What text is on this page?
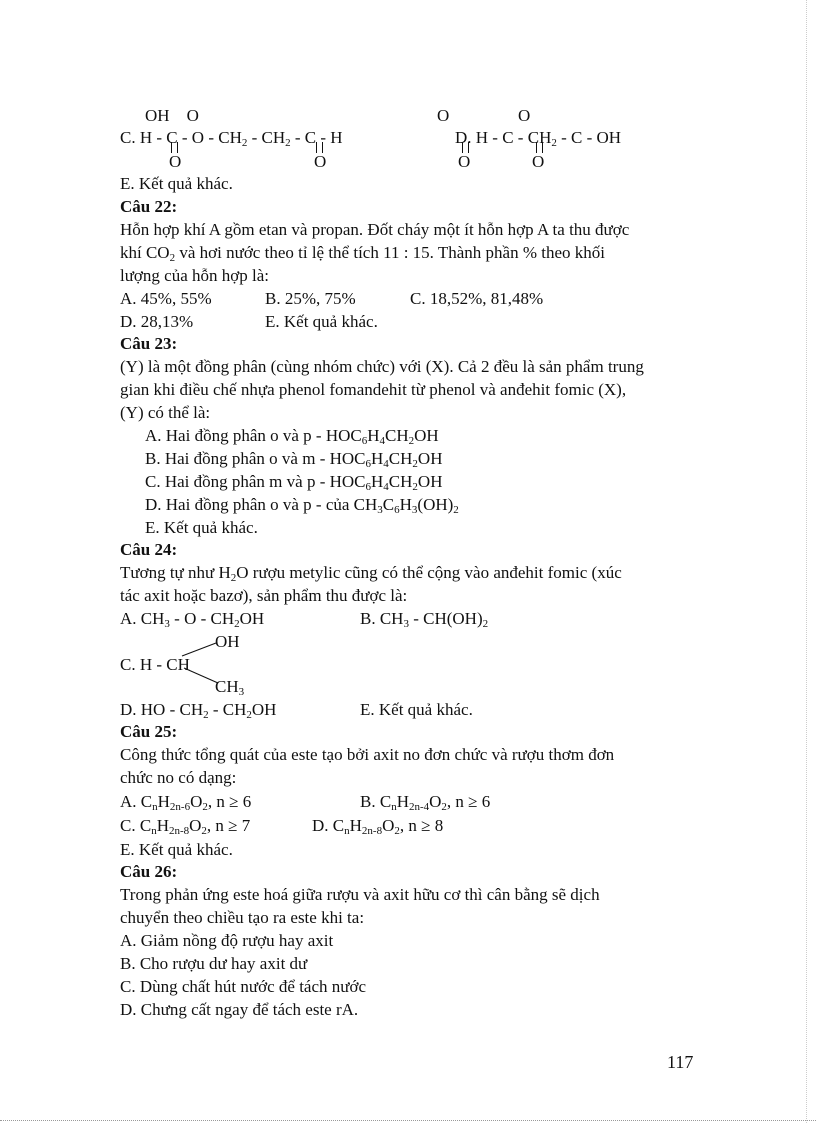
OH O	O	O
C. H - C - O - $CH_2 - CH_2$ - C - H	D. H - C - $CH_2$ - C - OH
O	O	O	O
E. Kết quả khác.
Câu 22:
Hỗn hợp khí A gồm etan và propan. Đốt cháy một ít hỗn hợp A ta thu được
khí $CO_2$ và hơi nước theo tỉ lệ thể tích 11 : 15. Thành phần % theo khối
lượng của hỗn hợp là:
A. 45%, 55%	B. 25%, 75%	C. 18,52%, 81,48%
D. 28,13%	E. Kết quả khác.
Câu 23:
(Y) là một đồng phân (cùng nhóm chức) với (X). Cả 2 đều là sản phẩm trung
gian khi điều chế nhựa phenol fomandehit từ phenol và anđehit fomic (X),
(Y) có thể là:
A. Hai đồng phân o và p - $HOC_6H_4CH_2OH$
B. Hai đồng phân o và m - $HOC_6H_4CH_2OH$
C. Hai đồng phân m và p - $HOC_6H_4CH_2OH$
D. Hai đồng phân o và p - của $CH_3C_6H_3(OH)_2$
E. Kết quả khác.
Câu 24:
Tương tự như $H_2O$ rượu metylic cũng có thể cộng vào anđehit fomic (xúc
tác axit hoặc bazơ), sản phẩm thu được là:
A. $CH_3$ - O - $CH_2OH$	B. $CH_3 - CH(OH)_2$
OH
C. H - CH
$CH_3$
D. HO - $CH_2 - CH_2OH$	E. Kết quả khác.
Câu 25:
Công thức tổng quát của este tạo bởi axit no đơn chức và rượu thơm đơn
chức no có dạng:
A. $C_nH_{2n-6}O_2$, n ≥ 6	B. $C_nH_{2n-4}O_2$, n ≥ 6
C. $C_nH_{2n-8}O_2$, n ≥ 7	D. $C_nH_{2n-8}O_2$, n ≥ 8
E. Kết quả khác.
Câu 26:
Trong phản ứng este hoá giữa rượu và axit hữu cơ thì cân bằng sẽ dịch
chuyển theo chiều tạo ra este khi ta:
A. Giảm nồng độ rượu hay axit
B. Cho rượu dư hay axit dư
C. Dùng chất hút nước để tách nước
D. Chưng cất ngay để tách este rA.
117
